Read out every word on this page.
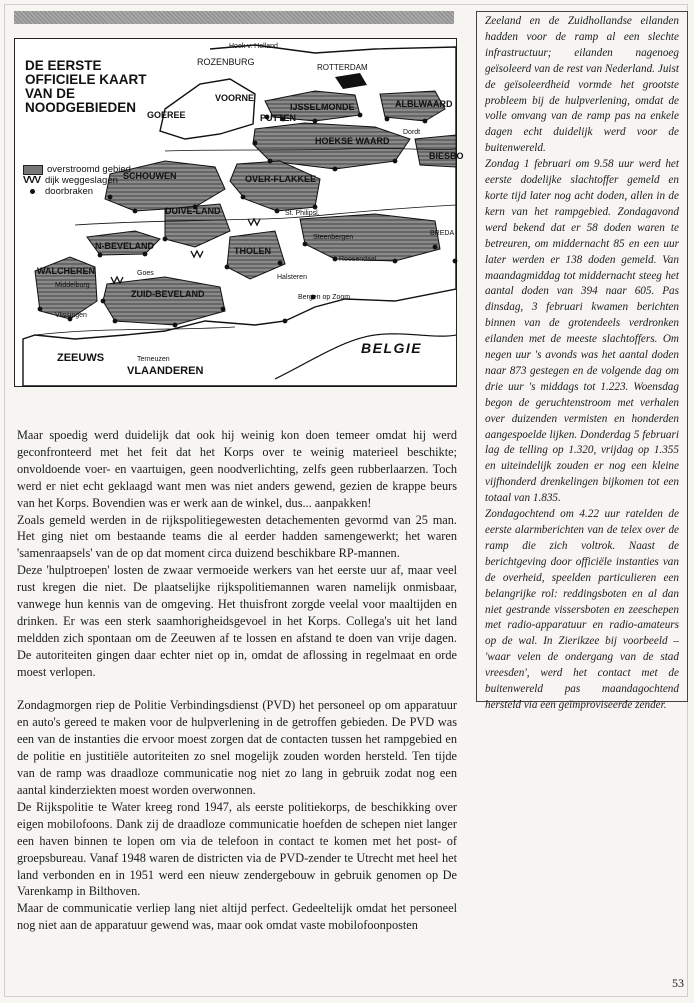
Hoek v. Holland
ROZENBURG
ROTTERDAM
VOORNE
IJSSELMONDE	ALBLWAARD
GOEREE	PUTTEN
HOEKSE WAARD
Dordt
BIESBO
SCHOUWEN	OVER-FLAKKEE
DUIVE-LAND	St. Philipsl.
N-BEVELAND
Steenbergen
BREDA
THOLEN
Roosendaal
WALCHEREN
Middelburg
Goes
Halsteren
ZUID-BEVELAND
Vlissingen
Bergen op Zoom
BELGIE
ZEEUWS	Terneuzen
VLAANDEREN
DE EERSTE
OFFICIELE KAART
VAN DE
NOODGEBIEDEN
overstroomd gebied
VVV dijk weggeslagen
doorbraken

Zeeland en de Zuidhollandse eilanden hadden voor de ramp al een slechte infrastructuur; eilanden nagenoeg geïsoleerd van de rest van Nederland. Juist de geïsoleerdheid vormde het grootste probleem bij de hulpverlening, omdat de volle omvang van de ramp pas na enkele dagen echt duidelijk werd voor de buitenwereld.

Zondag 1 februari om 9.58 uur werd het eerste dodelijke slachtoffer gemeld en korte tijd later nog acht doden, allen in de kern van het rampgebied. Zondagavond werd bekend dat er 58 doden waren te betreuren, om middernacht 85 en een uur later werden er 138 doden gemeld. Van maandagmiddag tot middernacht steeg het aantal doden van 394 naar 605. Pas dinsdag, 3 februari kwamen berichten binnen van de grotendeels verdronken eilanden met de meeste slachtoffers. Om negen uur 's avonds was het aantal doden naar 873 gestegen en de volgende dag om drie uur 's middags tot 1.223. Woensdag begon de geruchtenstroom met verhalen over duizenden vermisten en honderden aangespoelde lijken. Donderdag 5 februari lag de telling op 1.320, vrijdag op 1.355 en uiteindelijk zouden er nog een kleine vijfhonderd drenkelingen bijkomen tot een totaal van 1.835.

Zondagochtend om 4.22 uur ratelden de eerste alarmberichten van de telex over de ramp die zich voltrok. Naast de berichtgeving door officiële instanties van de overheid, speelden particulieren een belangrijke rol: reddingsboten en al dan niet gestrande vissersboten en zeeschepen met radio-apparatuur en radio-amateurs op de wal. In Zierikzee bij voorbeeld – 'waar velen de ondergang van de stad vreesden', werd het contact met de buitenwereld pas maandagochtend hersteld via een geïmproviseerde zender.

Maar spoedig werd duidelijk dat ook hij weinig kon doen temeer omdat hij werd geconfronteerd met het feit dat het Korps over te weinig materieel beschikte; onvoldoende voer- en vaartuigen, geen noodverlichting, zelfs geen rubberlaarzen. Toch werd er niet echt geklaagd want men was niet anders gewend, gezien de krappe beurs van het Korps. Bovendien was er werk aan de winkel, dus... aanpakken!

Zoals gemeld werden in de rijkspolitiegewesten detachementen gevormd van 25 man. Het ging niet om bestaande teams die al eerder hadden samengewerkt; het waren 'samenraapsels' van de op dat moment circa duizend beschikbare RP-mannen.

Deze 'hulptroepen' losten de zwaar vermoeide werkers van het eerste uur af, maar veel rust kregen die niet. De plaatselijke rijkspolitiemannen waren namelijk onmisbaar, vanwege hun kennis van de omgeving. Het thuisfront zorgde veelal voor maaltijden en drinken. Er was een sterk saamhorigheidsgevoel in het Korps. Collega's uit het land meldden zich spontaan om de Zeeuwen af te lossen en afstand te doen van vrije dagen. De autoriteiten gingen daar echter niet op in, omdat de aflossing in regelmaat en orde moest verlopen.

Zondagmorgen riep de Politie Verbindingsdienst (PVD) het personeel op om apparatuur en auto's gereed te maken voor de hulpverlening in de getroffen gebieden. De PVD was een van de instanties die ervoor moest zorgen dat de contacten tussen het rampgebied en de politie en justitiële autoriteiten zo snel mogelijk zouden worden hersteld. Ten tijde van de ramp was draadloze communicatie nog niet zo lang in gebruik zodat nog een aantal kinderziekten moest worden overwonnen.

De Rijkspolitie te Water kreeg rond 1947, als eerste politiekorps, de beschikking over eigen mobilofoons. Dank zij de draadloze communicatie hoefden de schepen niet langer een haven binnen te lopen om via de telefoon in contact te komen met het post- of groepsbureau. Vanaf 1948 waren de districten via de PVD-zender te Utrecht met heel het land verbonden en in 1951 werd een nieuw zendergebouw in gebruik genomen op De Varenkamp in Bilthoven.

Maar de communicatie verliep lang niet altijd perfect. Gedeeltelijk omdat het personeel nog niet aan de apparatuur gewend was, maar ook omdat vaste mobilofoonposten

53
